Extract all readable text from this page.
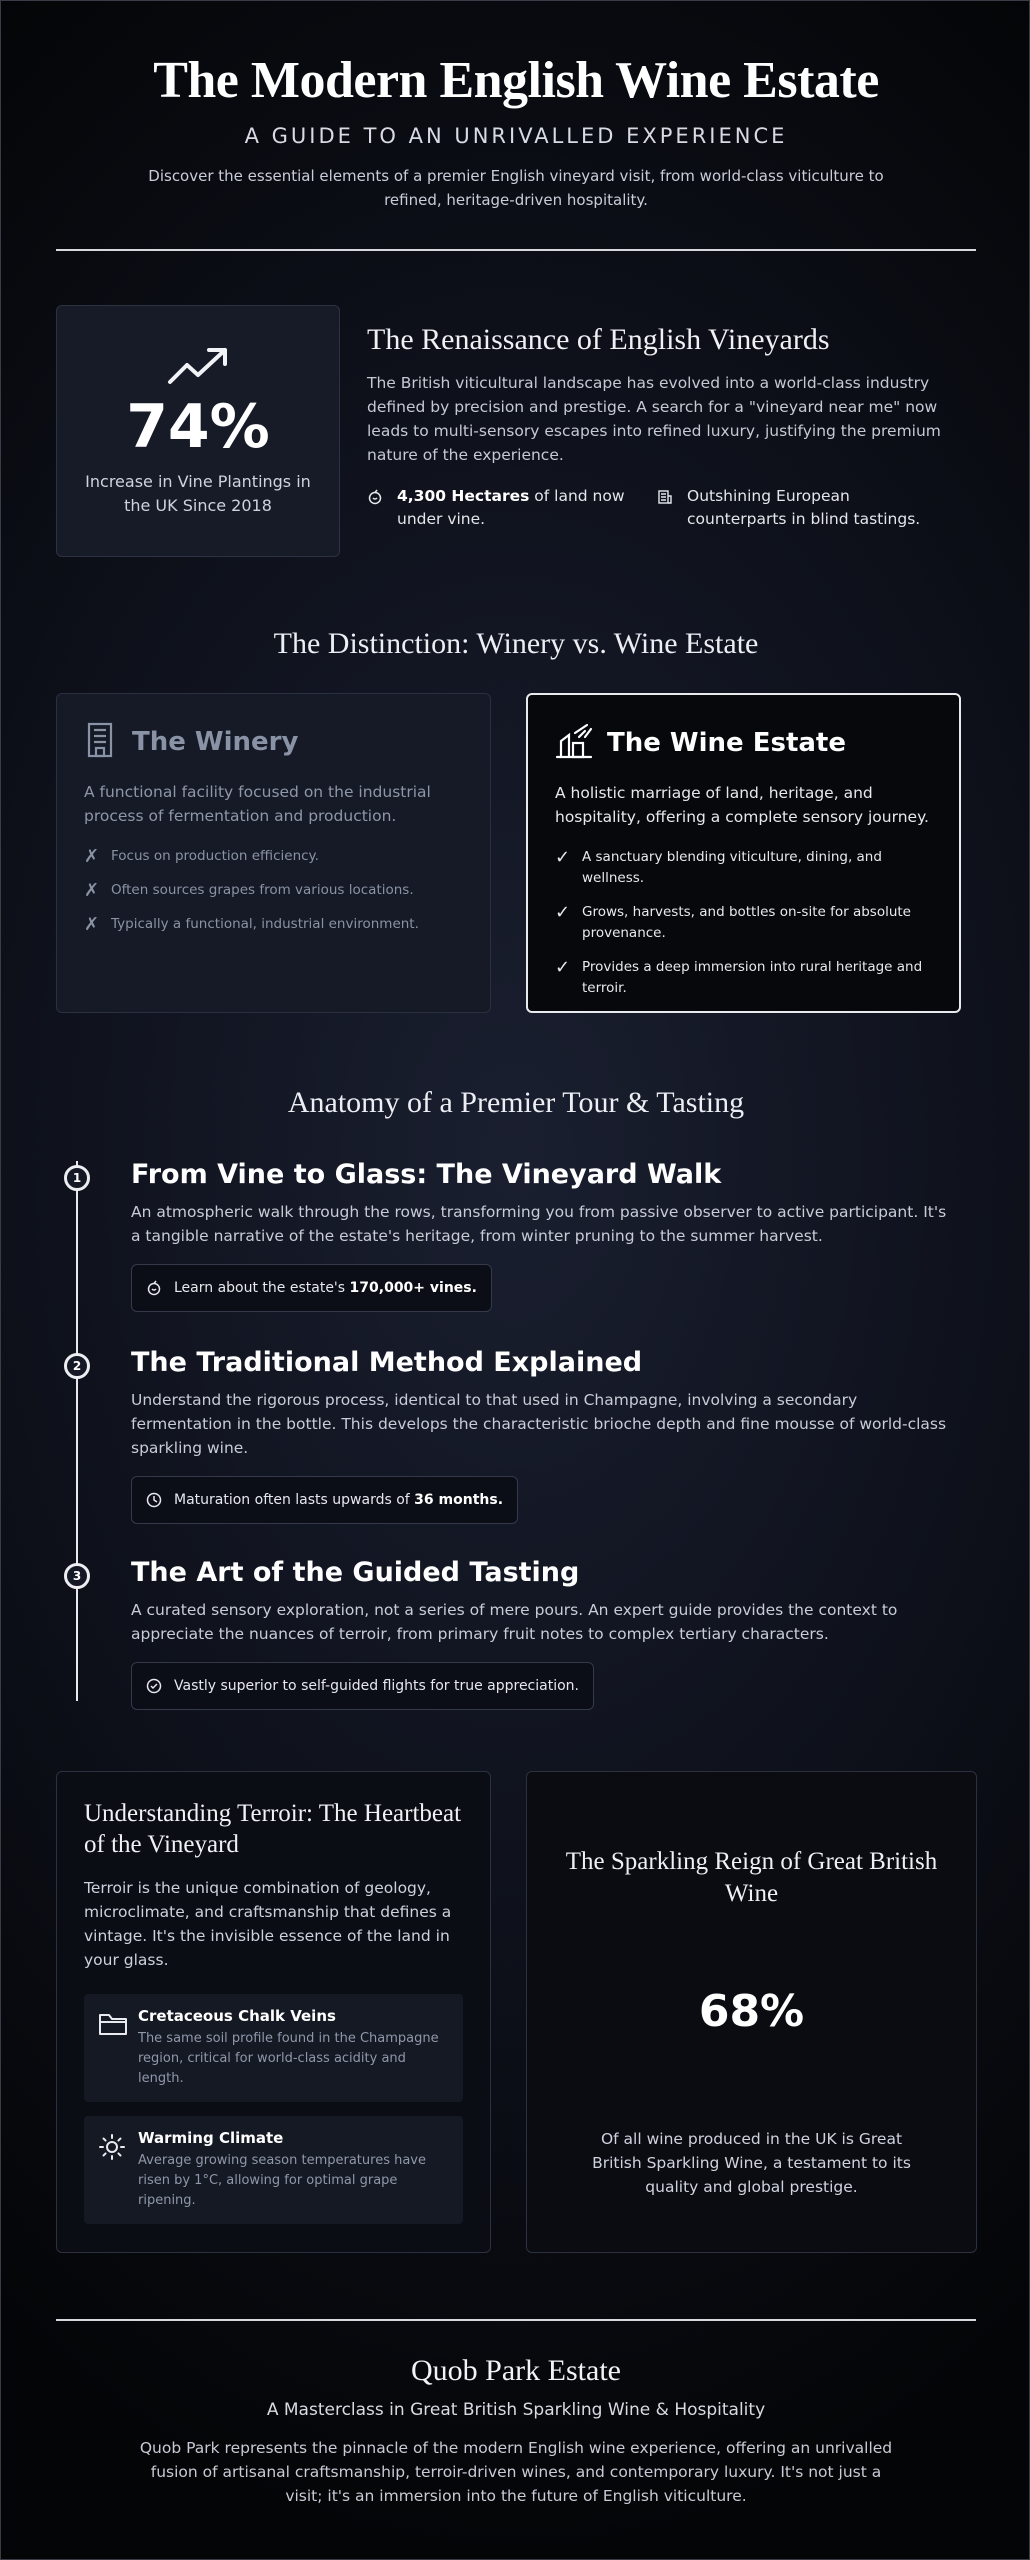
The Modern English Wine Estate
A GUIDE TO AN UNRIVALLED EXPERIENCE
Discover the essential elements of a premier English vineyard visit, from world-class viticulture to refined, heritage-driven hospitality.
74%
Increase in Vine Plantings in the UK Since 2018
The Renaissance of English Vineyards

The British viticultural landscape has evolved into a world-class industry defined by precision and prestige. A search for a "vineyard near me" now leads to multi-sensory escapes into refined luxury, justifying the premium nature of the experience.

4,300 Hectares of land now under vine.
Outshining European counterparts in blind tastings.
The Distinction: Winery vs. Wine Estate
The Winery
A functional facility focused on the industrial process of fermentation and production.
✗ Focus on production efficiency.
✗ Often sources grapes from various locations.
✗ Typically a functional, industrial environment.
The Wine Estate
A holistic marriage of land, heritage, and hospitality, offering a complete sensory journey.
✓ A sanctuary blending viticulture, dining, and wellness.
✓ Grows, harvests, and bottles on-site for absolute provenance.
✓ Provides a deep immersion into rural heritage and terroir.
Anatomy of a Premier Tour & Tasting
1	From Vine to Glass: The Vineyard Walk

An atmospheric walk through the rows, transforming you from passive observer to active participant. It's a tangible narrative of the estate's heritage, from winter pruning to the summer harvest.

Learn about the estate's 170,000+ vines.
2	The Traditional Method Explained

Understand the rigorous process, identical to that used in Champagne, involving a secondary fermentation in the bottle. This develops the characteristic brioche depth and fine mousse of world-class sparkling wine.

Maturation often lasts upwards of 36 months.
3	The Art of the Guided Tasting

A curated sensory exploration, not a series of mere pours. An expert guide provides the context to appreciate the nuances of terroir, from primary fruit notes to complex tertiary characters.

Vastly superior to self-guided flights for true appreciation.
Understanding Terroir: The Heartbeat of the Vineyard

Terroir is the unique combination of geology, microclimate, and craftsmanship that defines a vintage. It's the invisible essence of the land in your glass.

Cretaceous Chalk Veins
The same soil profile found in the Champagne region, critical for world-class acidity and length.
Warming Climate
Average growing season temperatures have risen by 1°C, allowing for optimal grape ripening.
The Sparkling Reign of Great British Wine
68%

Of all wine produced in the UK is Great British Sparkling Wine, a testament to its quality and global prestige.

Quob Park Estate
A Masterclass in Great British Sparkling Wine & Hospitality

Quob Park represents the pinnacle of the modern English wine experience, offering an unrivalled fusion of artisanal craftsmanship, terroir-driven wines, and contemporary luxury. It's not just a visit; it's an immersion into the future of English viticulture.
